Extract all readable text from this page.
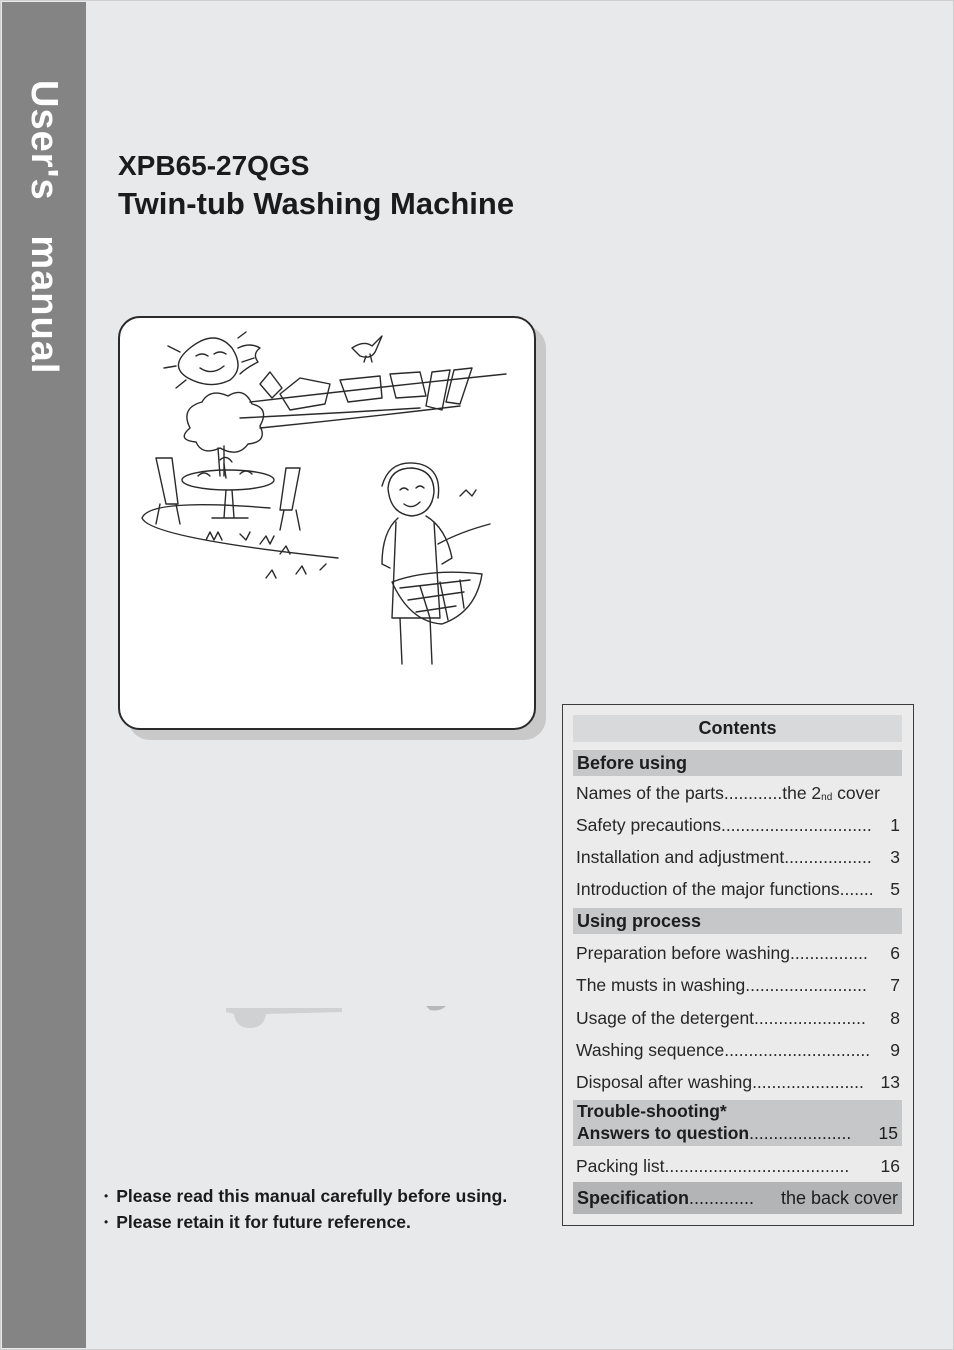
User's   manual XPB65-27QGS
Twin-tub Washing Machine
• Please read this manual carefully before using.
• Please retain it for future reference.
Contents
Before using
Names of the parts............the $2_{nd}$ cover
Safety precautions ...............................	1
Installation and adjustment ..................	3
Introduction of the major functions ....... 5
Using process
Preparation before washing ................	6
The musts in washing .........................	7
Usage of the detergent .......................	8
Washing sequence ..............................	9
Disposal after washing ....................... 13
Trouble-shooting*
Answers to question .....................	15
Packing list ......................................	16
Specification .............	the back cover
